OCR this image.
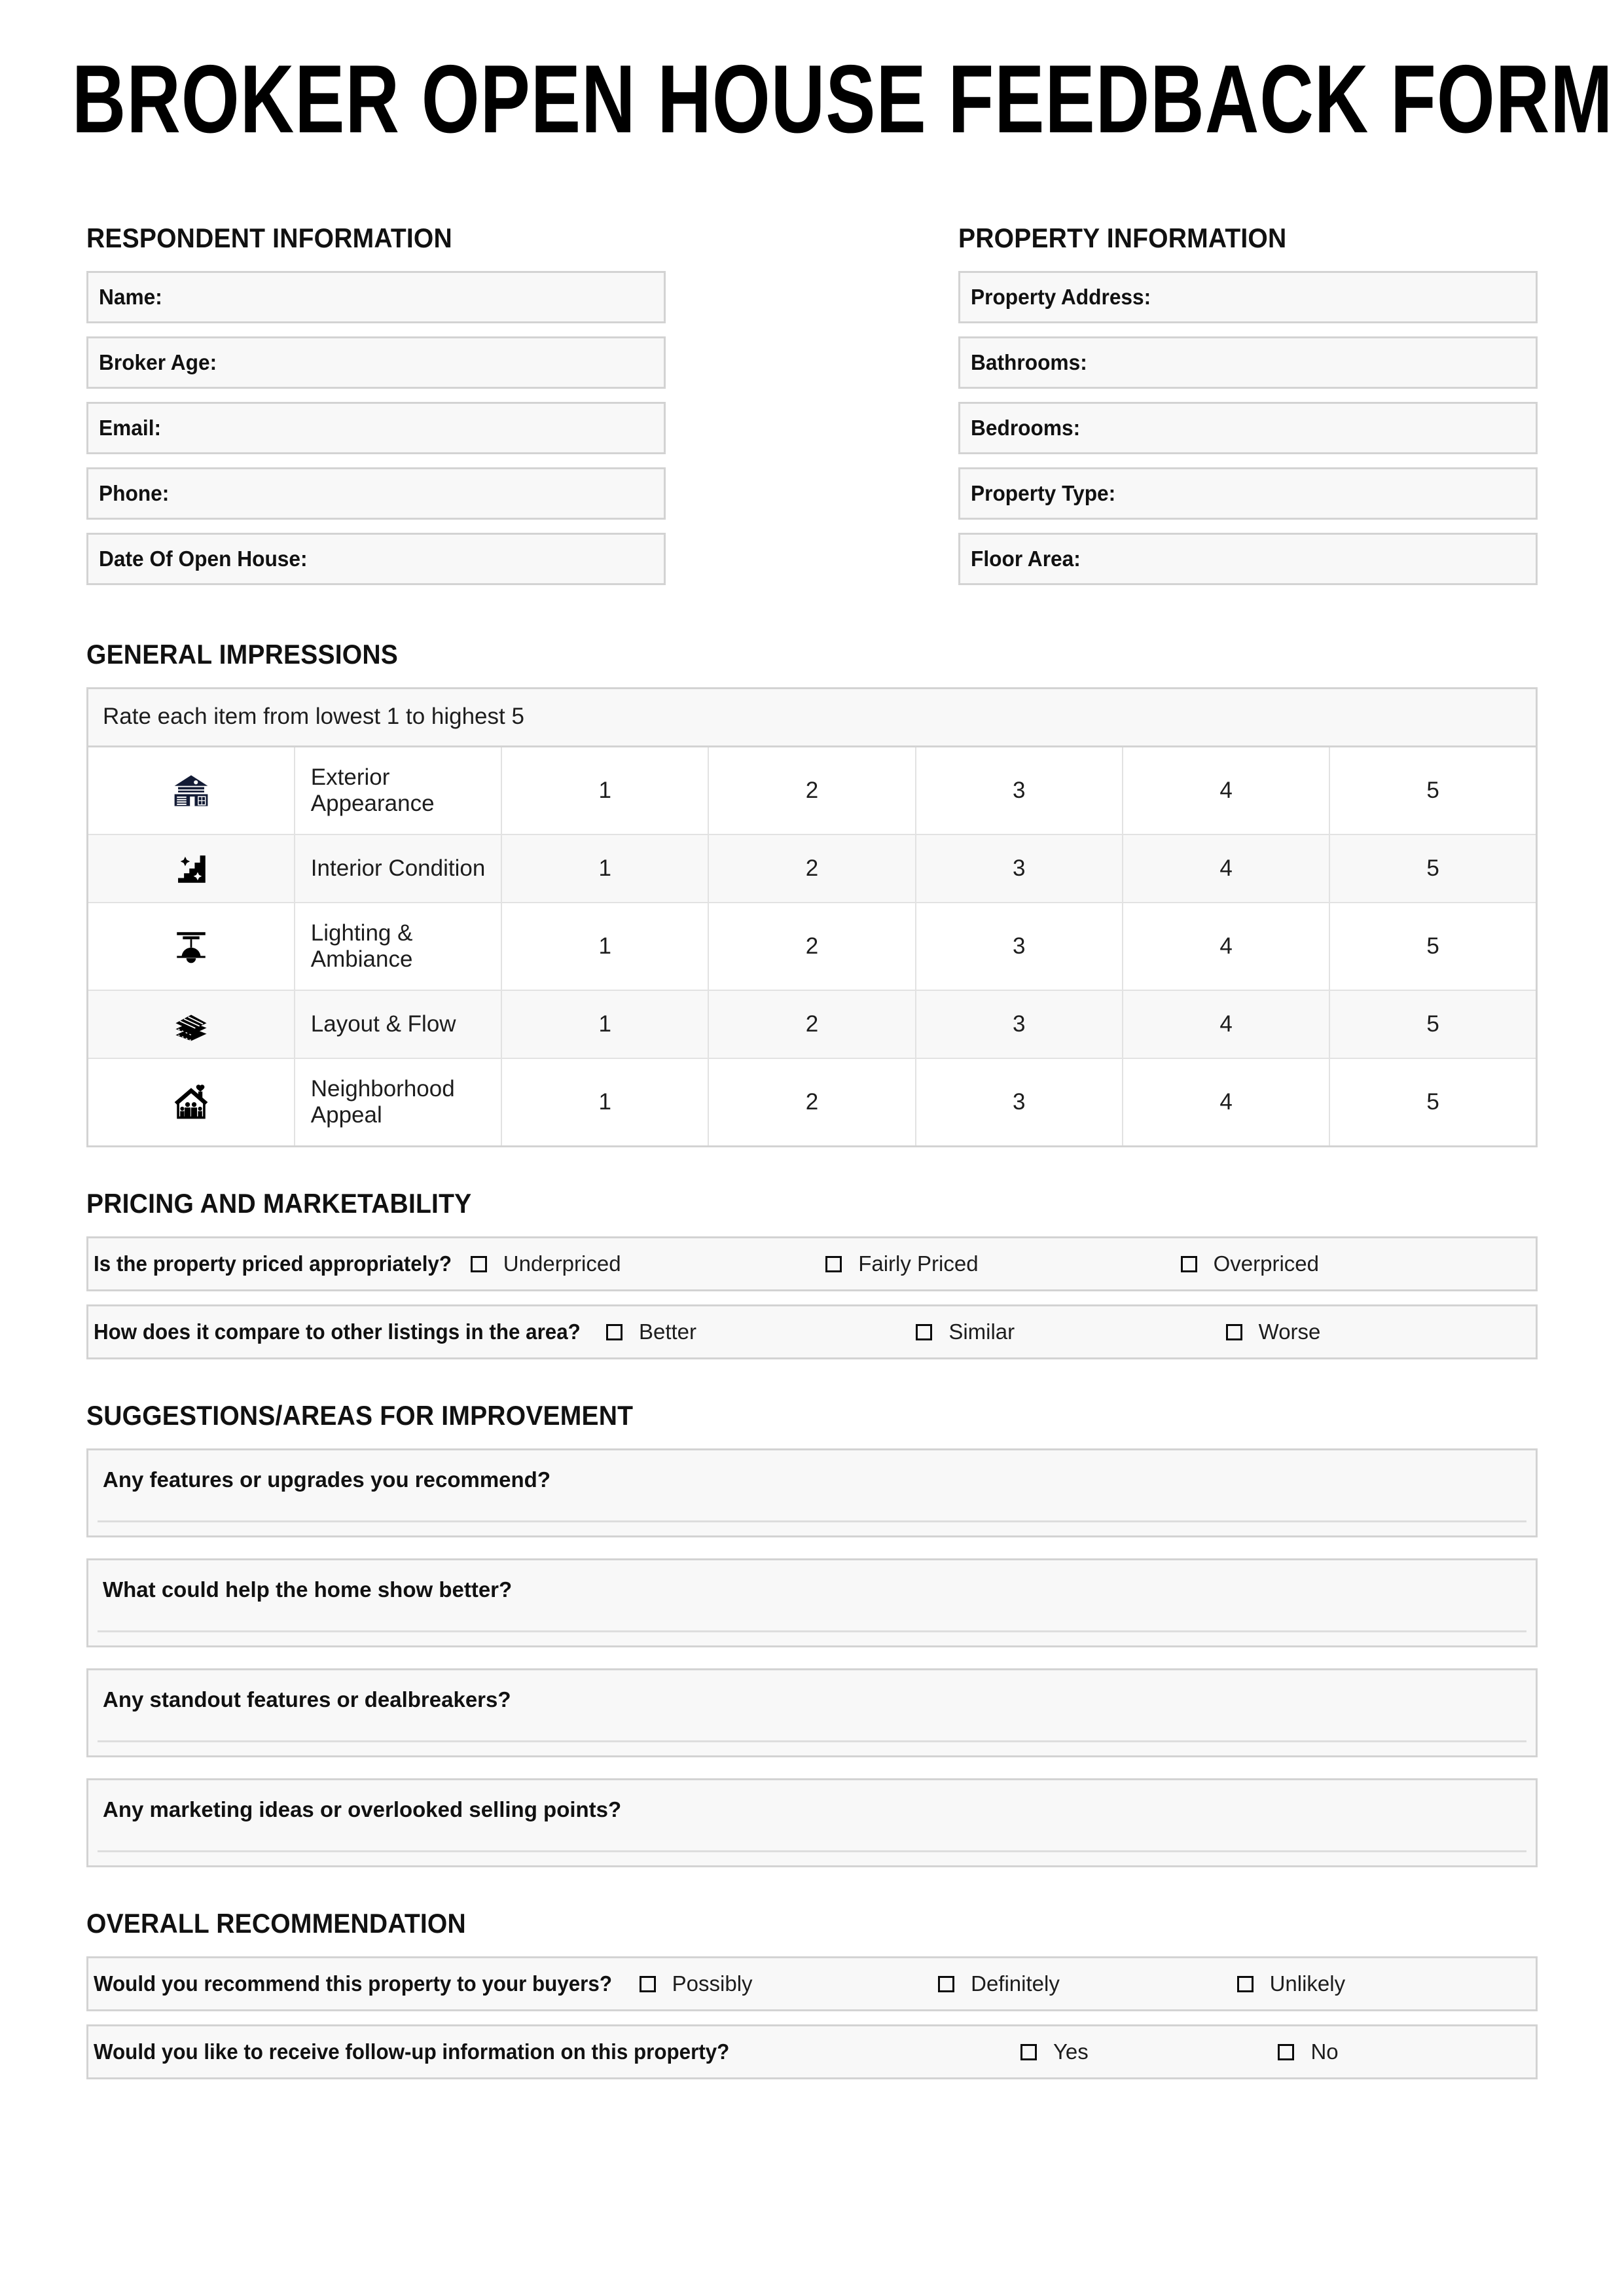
BROKER OPEN HOUSE FEEDBACK FORM
RESPONDENT INFORMATION
Name:
Broker Age:
Email:
Phone:
Date Of Open House:
PROPERTY INFORMATION
Property Address:
Bathrooms:
Bedrooms:
Property Type:
Floor Area:
GENERAL IMPRESSIONS
Rate each item from lowest 1 to highest 5						

	Exterior Appearance	1	2	3	4	5

	Interior Condition	1	2	3	4	5

	Lighting & Ambiance	1	2	3	4	5

	Layout & Flow	1	2	3	4	5

	Neighborhood Appeal	1	2	3	4	5
PRICING AND MARKETABILITY
Is the property priced appropriately? Underpriced	Fairly Priced	Overpriced
How does it compare to other listings in the area?	Better	Similar	Worse
SUGGESTIONS/AREAS FOR IMPROVEMENT
Any features or upgrades you recommend?
What could help the home show better?
Any standout features or dealbreakers?
Any marketing ideas or overlooked selling points?
OVERALL RECOMMENDATION
Would you recommend this property to your buyers?	Possibly	Definitely	Unlikely
Would you like to receive follow-up information on this property?	Yes	No
